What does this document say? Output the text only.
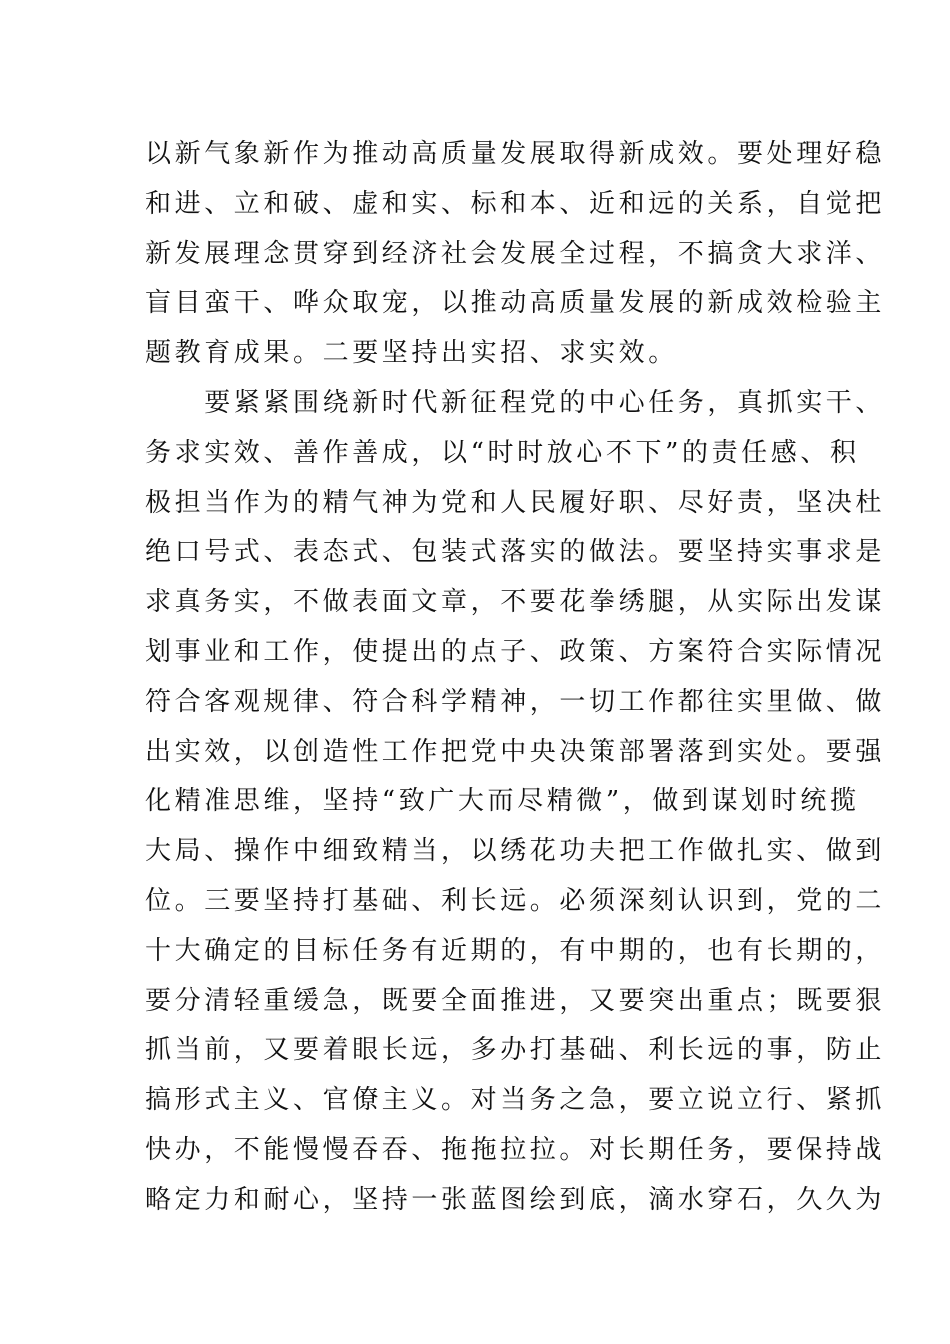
以新气象新作为推动高质量发展取得新成效。要处理好稳
和进、立和破、虚和实、标和本、近和远的关系，自觉把
新发展理念贯穿到经济社会发展全过程，不搞贪大求洋、
盲目蛮干、哗众取宠，以推动高质量发展的新成效检验主
题教育成果。二要坚持出实招、求实效。
　　要紧紧围绕新时代新征程党的中心任务，真抓实干、
务求实效、善作善成，以“时时放心不下”的责任感、积
极担当作为的精气神为党和人民履好职、尽好责，坚决杜
绝口号式、表态式、包装式落实的做法。要坚持实事求是
求真务实，不做表面文章，不要花拳绣腿，从实际出发谋
划事业和工作，使提出的点子、政策、方案符合实际情况
符合客观规律、符合科学精神，一切工作都往实里做、做
出实效，以创造性工作把党中央决策部署落到实处。要强
化精准思维，坚持“致广大而尽精微”，做到谋划时统揽
大局、操作中细致精当，以绣花功夫把工作做扎实、做到
位。三要坚持打基础、利长远。必须深刻认识到，党的二
十大确定的目标任务有近期的，有中期的，也有长期的，
要分清轻重缓急，既要全面推进，又要突出重点；既要狠
抓当前，又要着眼长远，多办打基础、利长远的事，防止
搞形式主义、官僚主义。对当务之急，要立说立行、紧抓
快办，不能慢慢吞吞、拖拖拉拉。对长期任务，要保持战
略定力和耐心，坚持一张蓝图绘到底，滴水穿石，久久为
